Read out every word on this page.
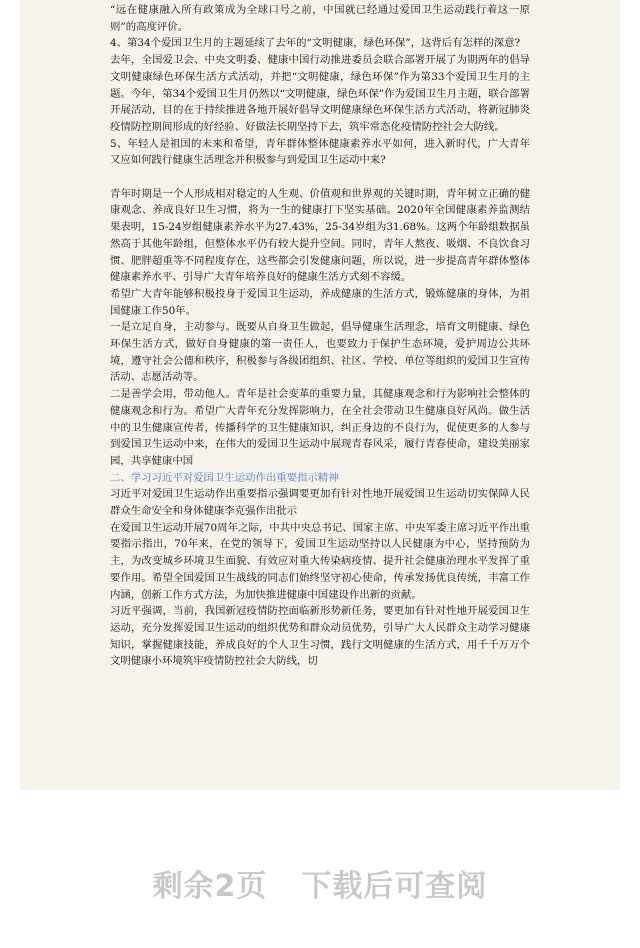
“远在健康融入所有政策成为全球口号之前，中国就已经通过爱国卫生运动践行着这一原则”的高度评价。

4、第34个爱国卫生月的主题延续了去年的“文明健康，绿色环保”，这背后有怎样的深意?

去年，全国爱卫会、中央文明委、健康中国行动推进委员会联合部署开展了为期两年的倡导文明健康绿色环保生活方式活动，并把“文明健康，绿色环保”作为第33个爱国卫生月的主题。今年，第34个爱国卫生月仍然以“文明健康，绿色环保”作为爱国卫生月主题，联合部署开展活动，目的在于持续推进各地开展好倡导文明健康绿色环保生活方式活动，将新冠肺炎疫情防控期间形成的好经验、好做法长期坚持下去，筑牢常态化疫情防控社会大防线。

5、年轻人是祖国的未来和希望，青年群体整体健康素养水平如何，进入新时代，广大青年又应如何践行健康生活理念并积极参与到爱国卫生运动中来?

青年时期是一个人形成相对稳定的人生观、价值观和世界观的关键时期，青年树立正确的健康观念、养成良好卫生习惯，将为一生的健康打下坚实基础。2020年全国健康素养监测结果表明，15-24岁组健康素养水平为27.43%，25-34岁组为31.68%。这两个年龄组数据虽然高于其他年龄组，但整体水平仍有较大提升空间。同时，青年人熬夜、吸烟、不良饮食习惯、肥胖超重等不同程度存在，这些都会引发健康问题，所以说，进一步提高青年群体整体健康素养水平、引导广大青年培养良好的健康生活方式刻不容缓。

希望广大青年能够积极投身于爱国卫生运动，养成健康的生活方式，锻炼健康的身体，为祖国健康工作50年。

一是立足自身，主动参与。既要从自身卫生做起，倡导健康生活理念，培育文明健康、绿色环保生活方式，做好自身健康的第一责任人，也要致力于保护生态环境，爱护周边公共环境，遵守社会公德和秩序，积极参与各级团组织、社区、学校、单位等组织的爱国卫生宣传活动、志愿活动等。

二是善学会用，带动他人。青年是社会变革的重要力量，其健康观念和行为影响社会整体的健康观念和行为。希望广大青年充分发挥影响力，在全社会带动卫生健康良好风尚。做生活中的卫生健康宣传者，传播科学的卫生健康知识，纠正身边的不良行为，促使更多的人参与到爱国卫生运动中来，在伟大的爱国卫生运动中展现青春风采，履行青春使命，建设美丽家园，共享健康中国

二、学习习近平对爱国卫生运动作出重要指示精神

习近平对爱国卫生运动作出重要指示强调要更加有针对性地开展爱国卫生运动切实保障人民群众生命安全和身体健康李克强作出批示

在爱国卫生运动开展70周年之际，中共中央总书记、国家主席、中央军委主席习近平作出重要指示指出，70年来，在党的领导下，爱国卫生运动坚持以人民健康为中心，坚持预防为主，为改变城乡环境卫生面貌、有效应对重大传染病疫情、提升社会健康治理水平发挥了重要作用。希望全国爱国卫生战线的同志们始终坚守初心使命，传承发扬优良传统，丰富工作内涵，创新工作方式方法，为加快推进健康中国建设作出新的贡献。

习近平强调，当前，我国新冠疫情防控面临新形势新任务，要更加有针对性地开展爱国卫生运动，充分发挥爱国卫生运动的组织优势和群众动员优势，引导广大人民群众主动学习健康知识，掌握健康技能，养成良好的个人卫生习惯，践行文明健康的生活方式，用千千万万个文明健康小环境筑牢疫情防控社会大防线，切

剩余2页 下载后可查阅
